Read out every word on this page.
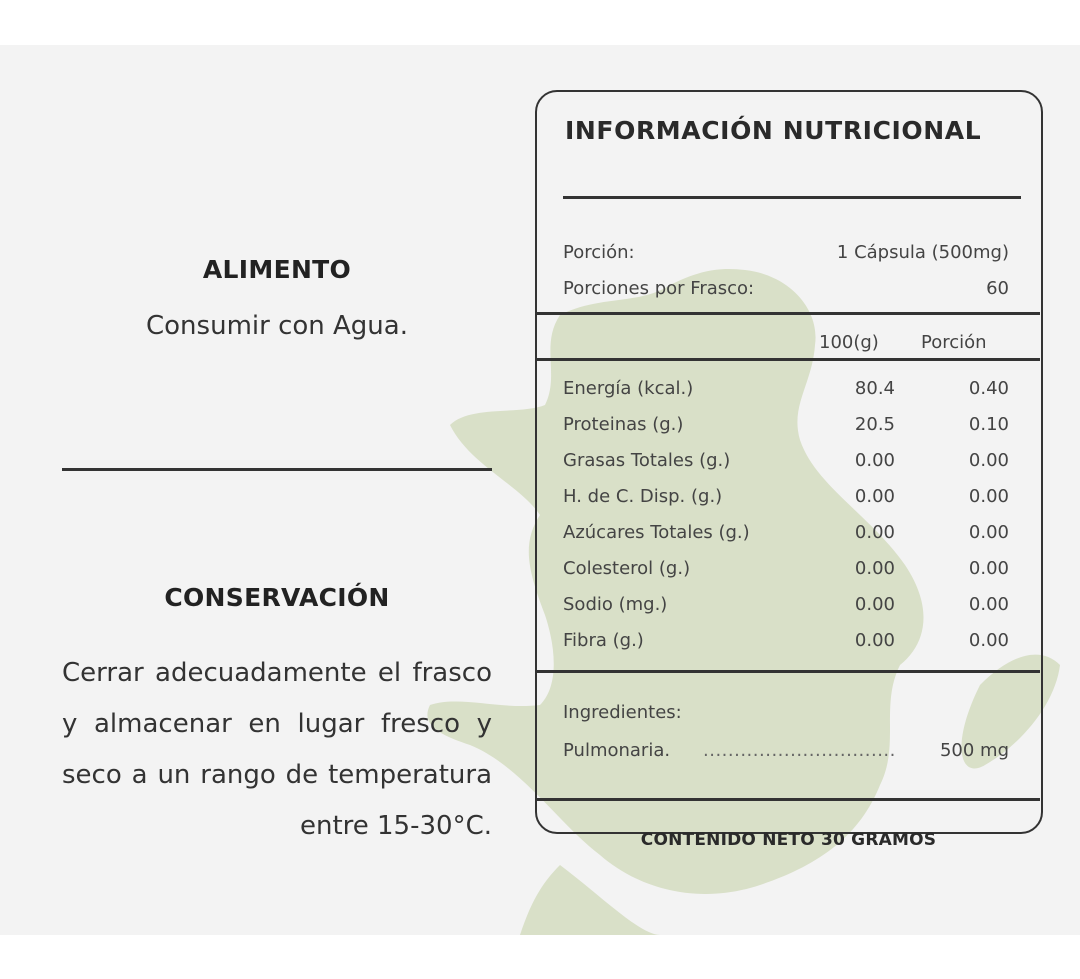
ALIMENTO
Consumir con Agua.
CONSERVACIÓN
Cerrar adecuadamente el frasco y almacenar en lugar fresco y seco a un rango de temperatura entre 15-30°C.
INFORMACIÓN NUTRICIONAL
Porción:	1 Cápsula (500mg)
Porciones por Frasco:	60
100(g) Porción
Energía (kcal.)	80.4	0.40
Proteinas (g.)	20.5	0.10
Grasas Totales (g.)	0.00	0.00
H. de C. Disp. (g.)	0.00	0.00
Azúcares Totales (g.)	0.00	0.00
Colesterol (g.)	0.00	0.00
Sodio (mg.)	0.00	0.00
Fibra (g.)	0.00	0.00
Ingredientes:
Pulmonaria. ............................... 500 mg
CONTENIDO NETO 30 GRAMOS
